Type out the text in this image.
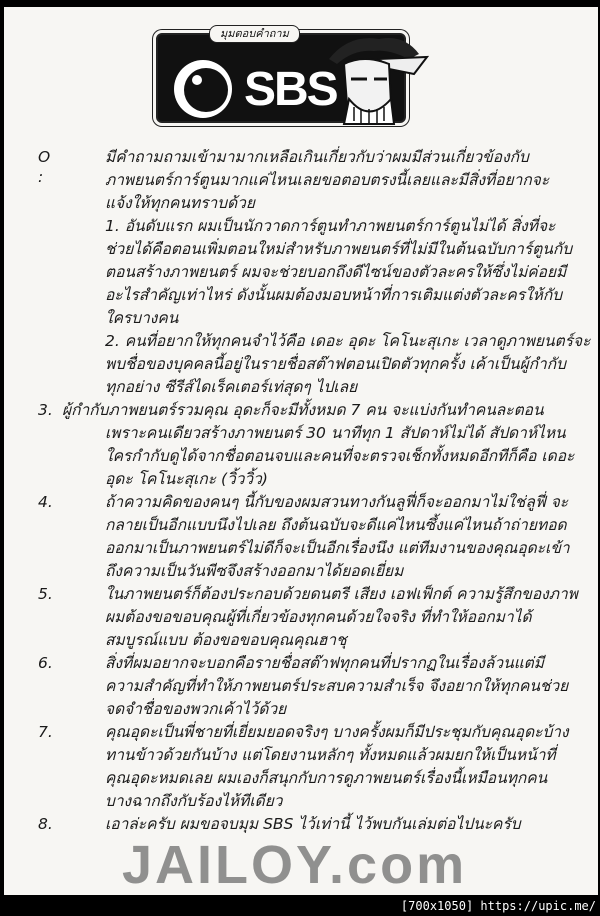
SBS
มุมตอบคำถาม
O :
มีคำถามถามเข้ามามากเหลือเกินเกี่ยวกับว่าผมมีส่วนเกี่ยวข้องกับ
ภาพยนตร์การ์ตูนมากแค่ไหนเลยขอตอบตรงนี้เลยและมีสิ่งที่อยากจะ
แจ้งให้ทุกคนทราบด้วย
1. อันดับแรก ผมเป็นนักวาดการ์ตูนทำภาพยนตร์การ์ตูนไม่ได้ สิ่งที่จะ
ช่วยได้คือตอนเพิ่มตอนใหม่สำหรับภาพยนตร์ที่ไม่มีในต้นฉบับการ์ตูนกับ
ตอนสร้างภาพยนตร์ ผมจะช่วยบอกถึงดีไซน์ของตัวละครให้ซึ่งไม่ค่อยมี
อะไรสำคัญเท่าไหร่ ดังนั้นผมต้องมอบหน้าที่การเติมแต่งตัวละครให้กับ
ใครบางคน
2. คนที่อยากให้ทุกคนจำไว้คือ เดอะ อุดะ โคโนะสุเกะ เวลาดูภาพยนตร์จะ
พบชื่อของบุคคลนี้อยู่ในรายชื่อสต๊าฟตอนเปิดตัวทุกครั้ง เค้าเป็นผู้กำกับ
ทุกอย่าง ซีรีส์ไดเร็คเตอร์เท่สุดๆ ไปเลย
3. ผู้กำกับภาพยนตร์รวมคุณ อุดะก็จะมีทั้งหมด 7 คน จะแบ่งกันทำคนละตอน
เพราะคนเดียวสร้างภาพยนตร์ 30 นาทีทุก 1 สัปดาห์ไม่ได้ สัปดาห์ไหน
ใครกำกับดูได้จากชื่อตอนจบและคนที่จะตรวจเช็กทั้งหมดอีกทีก็คือ เดอะ
อุดะ โคโนะสุเกะ (วิ้ววิ้ว)
4.	ถ้าความคิดของคนๆ นี้กับของผมสวนทางกันลูฟี่ก็จะออกมาไม่ใช่ลูฟี่ จะ
กลายเป็นอีกแบบนึงไปเลย ถึงต้นฉบับจะดีแค่ไหนซึ้งแค่ไหนถ้าถ่ายทอด
ออกมาเป็นภาพยนตร์ไม่ดีก็จะเป็นอีกเรื่องนึง แต่ทีมงานของคุณอุดะเข้า
ถึงความเป็นวันพีซจึงสร้างออกมาได้ยอดเยี่ยม
5.	ในภาพยนตร์ก็ต้องประกอบด้วยดนตรี เสียง เอฟเฟ็กต์ ความรู้สึกของภาพ
ผมต้องขอขอบคุณผู้ที่เกี่ยวข้องทุกคนด้วยใจจริง ที่ทำให้ออกมาได้
สมบูรณ์แบบ ต้องขอขอบคุณคุณฮาชุ
6.	สิ่งที่ผมอยากจะบอกคือรายชื่อสต๊าฟทุกคนที่ปรากฏในเรื่องล้วนแต่มี
ความสำคัญที่ทำให้ภาพยนตร์ประสบความสำเร็จ จึงอยากให้ทุกคนช่วย
จดจำชื่อของพวกเค้าไว้ด้วย
7.	คุณอุดะเป็นพี่ชายที่เยี่ยมยอดจริงๆ บางครั้งผมก็มีประชุมกับคุณอุดะบ้าง
ทานข้าวด้วยกันบ้าง แต่โดยงานหลักๆ ทั้งหมดแล้วผมยกให้เป็นหน้าที่
คุณอุดะหมดเลย ผมเองก็สนุกกับการดูภาพยนตร์เรื่องนี้เหมือนทุกคน
บางฉากถึงกับร้องไห้ทีเดียว
8.	เอาล่ะครับ ผมขอจบมุม SBS ไว้เท่านี้ ไว้พบกันเล่มต่อไปนะครับ
JAILOY.com
[700x1050] https://upic.me/
